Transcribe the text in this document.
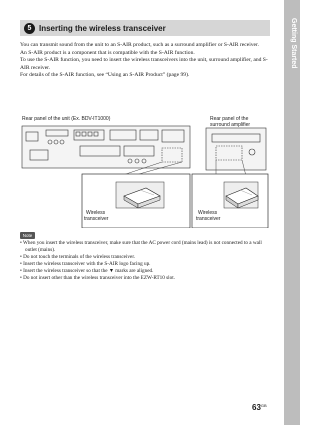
Getting Started
5 Inserting the wireless transceiver

You can transmit sound from the unit to an S-AIR product, such as a surround amplifier or S-AIR receiver.

An S-AIR product is a component that is compatible with the S-AIR function.

To use the S-AIR function, you need to insert the wireless transceivers into the unit, surround amplifier, and S-AIR receiver.

For details of the S-AIR function, see “Using an S-AIR Product” (page 99).

Rear panel of the unit (Ex. BDV-IT1000)	Rear panel of the
surround amplifier
Wireless
transceiver
Wireless
transceiver
Note
• When you insert the wireless transceiver, make sure that the AC power cord (mains lead) is not connected to a wall outlet (mains).
• Do not touch the terminals of the wireless transceiver.
• Insert the wireless transceiver with the S-AIR logo facing up.
• Insert the wireless transceiver so that the ▼ marks are aligned.
• Do not insert other than the wireless transceiver into the EZW-RT10 slot.
$63^{GB}$
